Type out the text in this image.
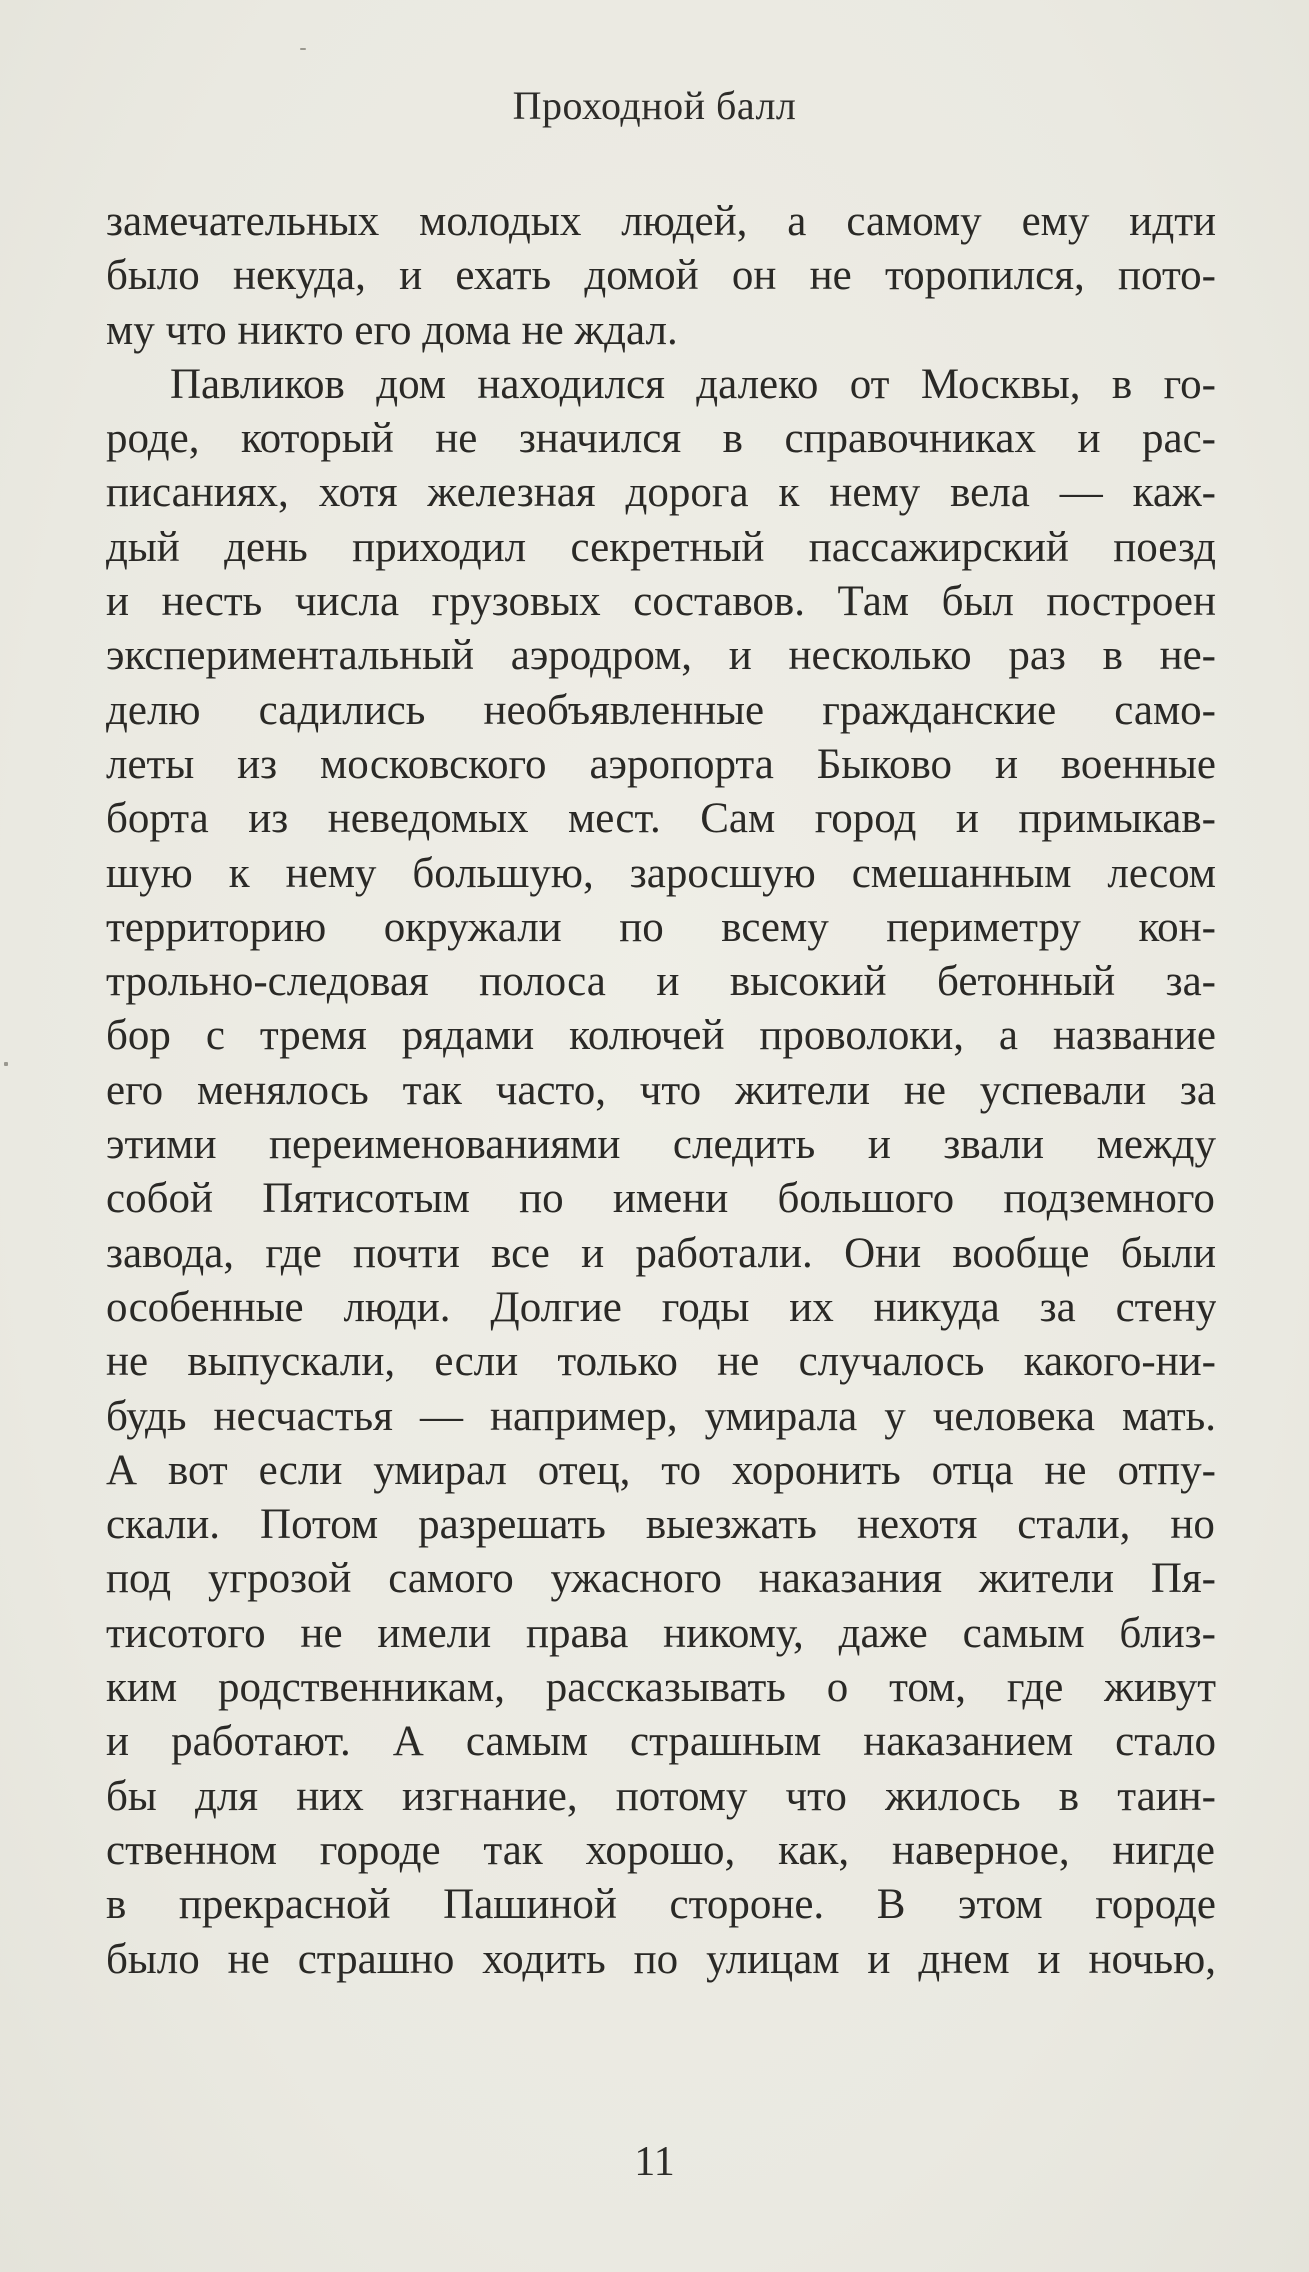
Проходной балл
замечательных молодых людей, а самому ему идти
было некуда, и ехать домой он не торопился, пото-
му что никто его дома не ждал.
Павликов дом находился далеко от Москвы, в го-
роде, который не значился в справочниках и рас-
писаниях, хотя железная дорога к нему вела — каж-
дый день приходил секретный пассажирский поезд
и несть числа грузовых составов. Там был построен
экспериментальный аэродром, и несколько раз в не-
делю садились необъявленные гражданские само-
леты из московского аэропорта Быково и военные
борта из неведомых мест. Сам город и примыкав-
шую к нему большую, заросшую смешанным лесом
территорию окружали по всему периметру кон-
трольно-следовая полоса и высокий бетонный за-
бор с тремя рядами колючей проволоки, а название
его менялось так часто, что жители не успевали за
этими переименованиями следить и звали между
собой Пятисотым по имени большого подземного
завода, где почти все и работали. Они вообще были
особенные люди. Долгие годы их никуда за стену
не выпускали, если только не случалось какого-ни-
будь несчастья — например, умирала у человека мать.
А вот если умирал отец, то хоронить отца не отпу-
скали. Потом разрешать выезжать нехотя стали, но
под угрозой самого ужасного наказания жители Пя-
тисотого не имели права никому, даже самым близ-
ким родственникам, рассказывать о том, где живут
и работают. А самым страшным наказанием стало
бы для них изгнание, потому что жилось в таин-
ственном городе так хорошо, как, наверное, нигде
в прекрасной Пашиной стороне. В этом городе
было не страшно ходить по улицам и днем и ночью,
11
